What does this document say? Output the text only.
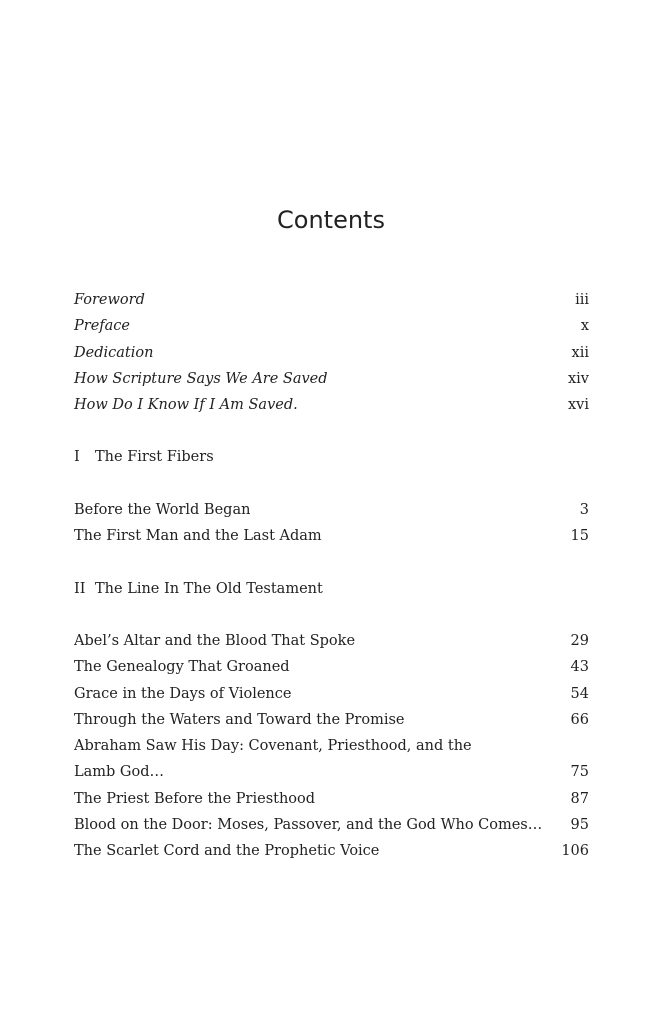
Contents
Foreword	iii
Preface	x
Dedication	xii
How Scripture Says We Are Saved	xiv
How Do I Know If I Am Saved.	xvi
I The First Fibers
Before the World Began	3
The First Man and the Last Adam	15
II The Line In The Old Testament
Abel’s Altar and the Blood That Spoke	29
The Genealogy That Groaned	43
Grace in the Days of Violence	54
Through the Waters and Toward the Promise	66
Abraham Saw His Day: Covenant, Priesthood, and the Lamb God…	75
The Priest Before the Priesthood	87
Blood on the Door: Moses, Passover, and the God Who Comes… 95
The Scarlet Cord and the Prophetic Voice	106
